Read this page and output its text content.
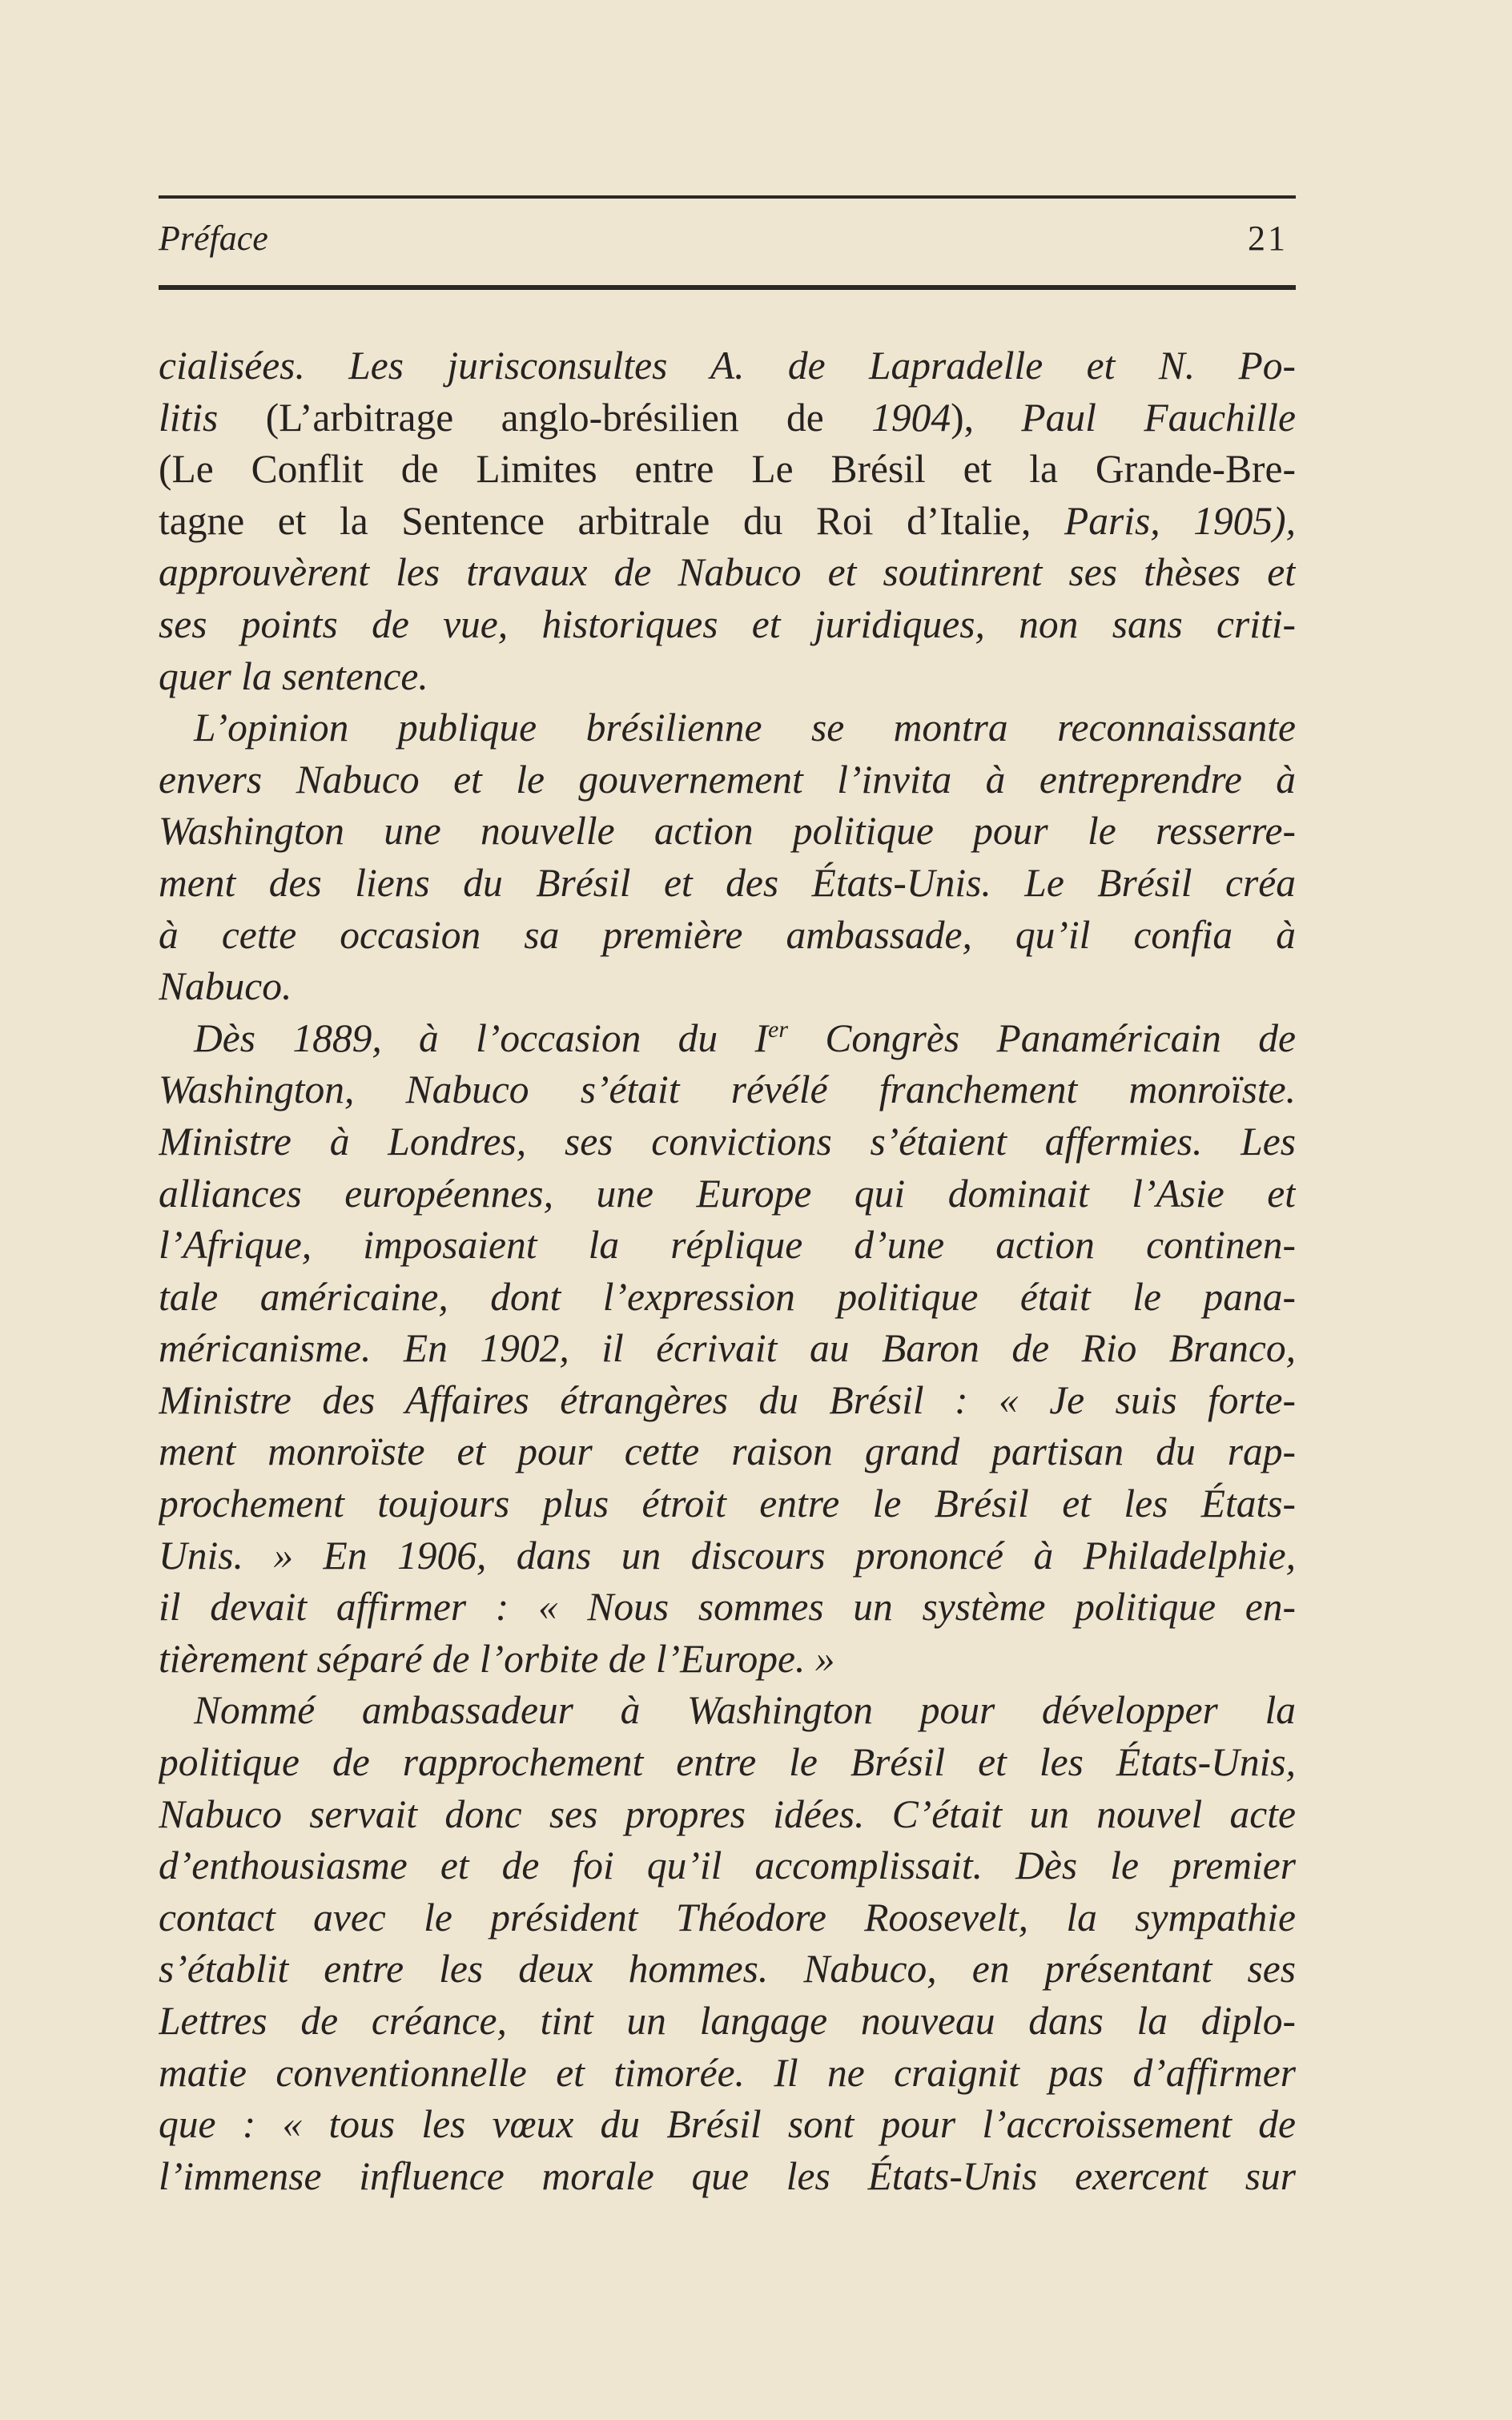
Préface	21
cialisées. Les jurisconsultes A. de Lapradelle et N. Po-
litis (L’arbitrage anglo-brésilien de 1904), Paul Fauchille
(Le Conflit de Limites entre Le Brésil et la Grande-Bre-
tagne et la Sentence arbitrale du Roi d’Italie, Paris, 1905),
approuvèrent les travaux de Nabuco et soutinrent ses thèses et
ses points de vue, historiques et juridiques, non sans criti-
quer la sentence.
L’opinion publique brésilienne se montra reconnaissante
envers Nabuco et le gouvernement l’invita à entreprendre à
Washington une nouvelle action politique pour le resserre-
ment des liens du Brésil et des États-Unis. Le Brésil créa
à cette occasion sa première ambassade, qu’il confia à
Nabuco.
Dès 1889, à l’occasion du Ier Congrès Panaméricain de
Washington, Nabuco s’était révélé franchement monroïste.
Ministre à Londres, ses convictions s’étaient affermies. Les
alliances européennes, une Europe qui dominait l’Asie et
l’Afrique, imposaient la réplique d’une action continen-
tale américaine, dont l’expression politique était le pana-
méricanisme. En 1902, il écrivait au Baron de Rio Branco,
Ministre des Affaires étrangères du Brésil : « Je suis forte-
ment monroïste et pour cette raison grand partisan du rap-
prochement toujours plus étroit entre le Brésil et les États-
Unis. » En 1906, dans un discours prononcé à Philadelphie,
il devait affirmer : « Nous sommes un système politique en-
tièrement séparé de l’orbite de l’Europe. »
Nommé ambassadeur à Washington pour développer la
politique de rapprochement entre le Brésil et les États-Unis,
Nabuco servait donc ses propres idées. C’était un nouvel acte
d’enthousiasme et de foi qu’il accomplissait. Dès le premier
contact avec le président Théodore Roosevelt, la sympathie
s’établit entre les deux hommes. Nabuco, en présentant ses
Lettres de créance, tint un langage nouveau dans la diplo-
matie conventionnelle et timorée. Il ne craignit pas d’affirmer
que : « tous les vœux du Brésil sont pour l’accroissement de
l’immense influence morale que les États-Unis exercent sur
